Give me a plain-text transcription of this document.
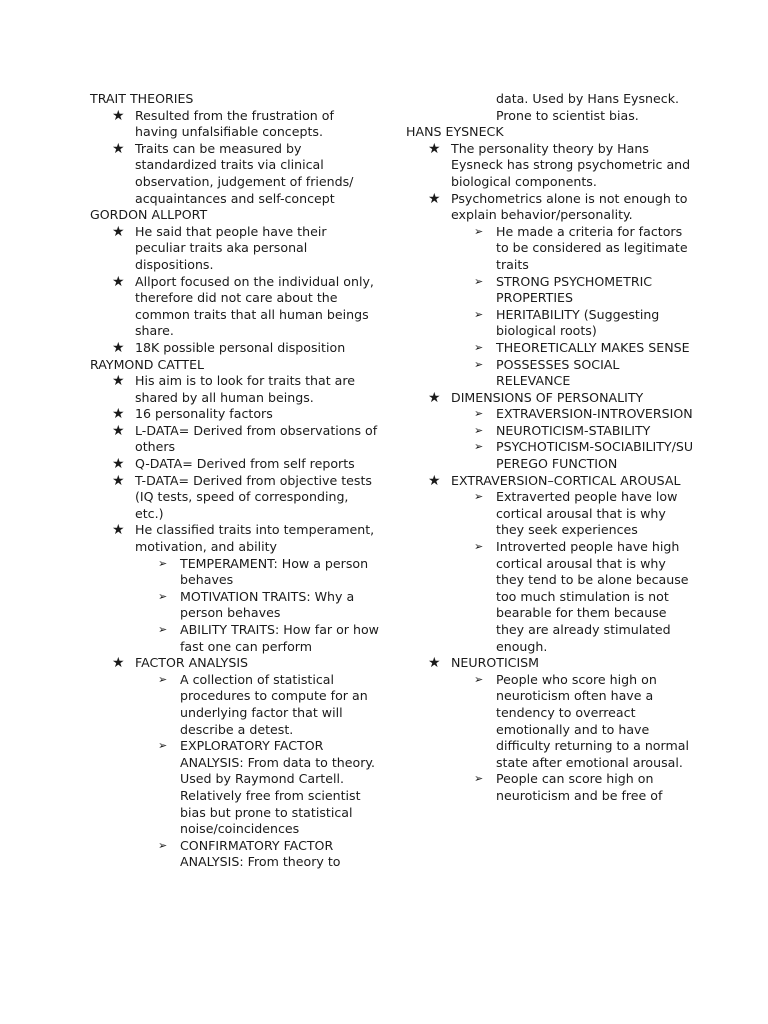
TRAIT THEORIES
★ Resulted from the frustration of having unfalsifiable concepts.
★ Traits can be measured by standardized traits via clinical observation, judgement of friends/ acquaintances and self-concept
GORDON ALLPORT
★ He said that people have their peculiar traits aka personal dispositions.
★ Allport focused on the individual only, therefore did not care about the common traits that all human beings share.
★ 18K possible personal disposition
RAYMOND CATTEL
★ His aim is to look for traits that are shared by all human beings.
★ 16 personality factors
★ L-DATA= Derived from observations of others
★ Q-DATA= Derived from self reports
★ T-DATA= Derived from objective tests (IQ tests, speed of corresponding, etc.)
★ He classified traits into temperament, motivation, and ability
➢ TEMPERAMENT: How a person behaves
➢ MOTIVATION TRAITS: Why a person behaves
➢ ABILITY TRAITS: How far or how fast one can perform
★ FACTOR ANALYSIS
➢ A collection of statistical procedures to compute for an underlying factor that will describe a detest.
➢ EXPLORATORY FACTOR ANALYSIS: From data to theory. Used by Raymond Cartell. Relatively free from scientist bias but prone to statistical noise/coincidences
➢ CONFIRMATORY FACTOR ANALYSIS: From theory to
data. Used by Hans Eysneck. Prone to scientist bias.
HANS EYSNECK
★ The personality theory by Hans Eysneck has strong psychometric and biological components.
★ Psychometrics alone is not enough to explain behavior/personality.
➢ He made a criteria for factors to be considered as legitimate traits
➢ STRONG PSYCHOMETRIC PROPERTIES
➢ HERITABILITY (Suggesting biological roots)
➢ THEORETICALLY MAKES SENSE
➢ POSSESSES SOCIAL RELEVANCE
★ DIMENSIONS OF PERSONALITY
➢ EXTRAVERSION-INTROVERSION
➢ NEUROTICISM-STABILITY
➢ PSYCHOTICISM-SOCIABILITY/SUPEREGO FUNCTION
★ EXTRAVERSION–CORTICAL AROUSAL
➢ Extraverted people have low cortical arousal that is why they seek experiences
➢ Introverted people have high cortical arousal that is why they tend to be alone because too much stimulation is not bearable for them because they are already stimulated enough.
★ NEUROTICISM
➢ People who score high on neuroticism often have a tendency to overreact emotionally and to have difficulty returning to a normal state after emotional arousal.
➢ People can score high on neuroticism and be free of
